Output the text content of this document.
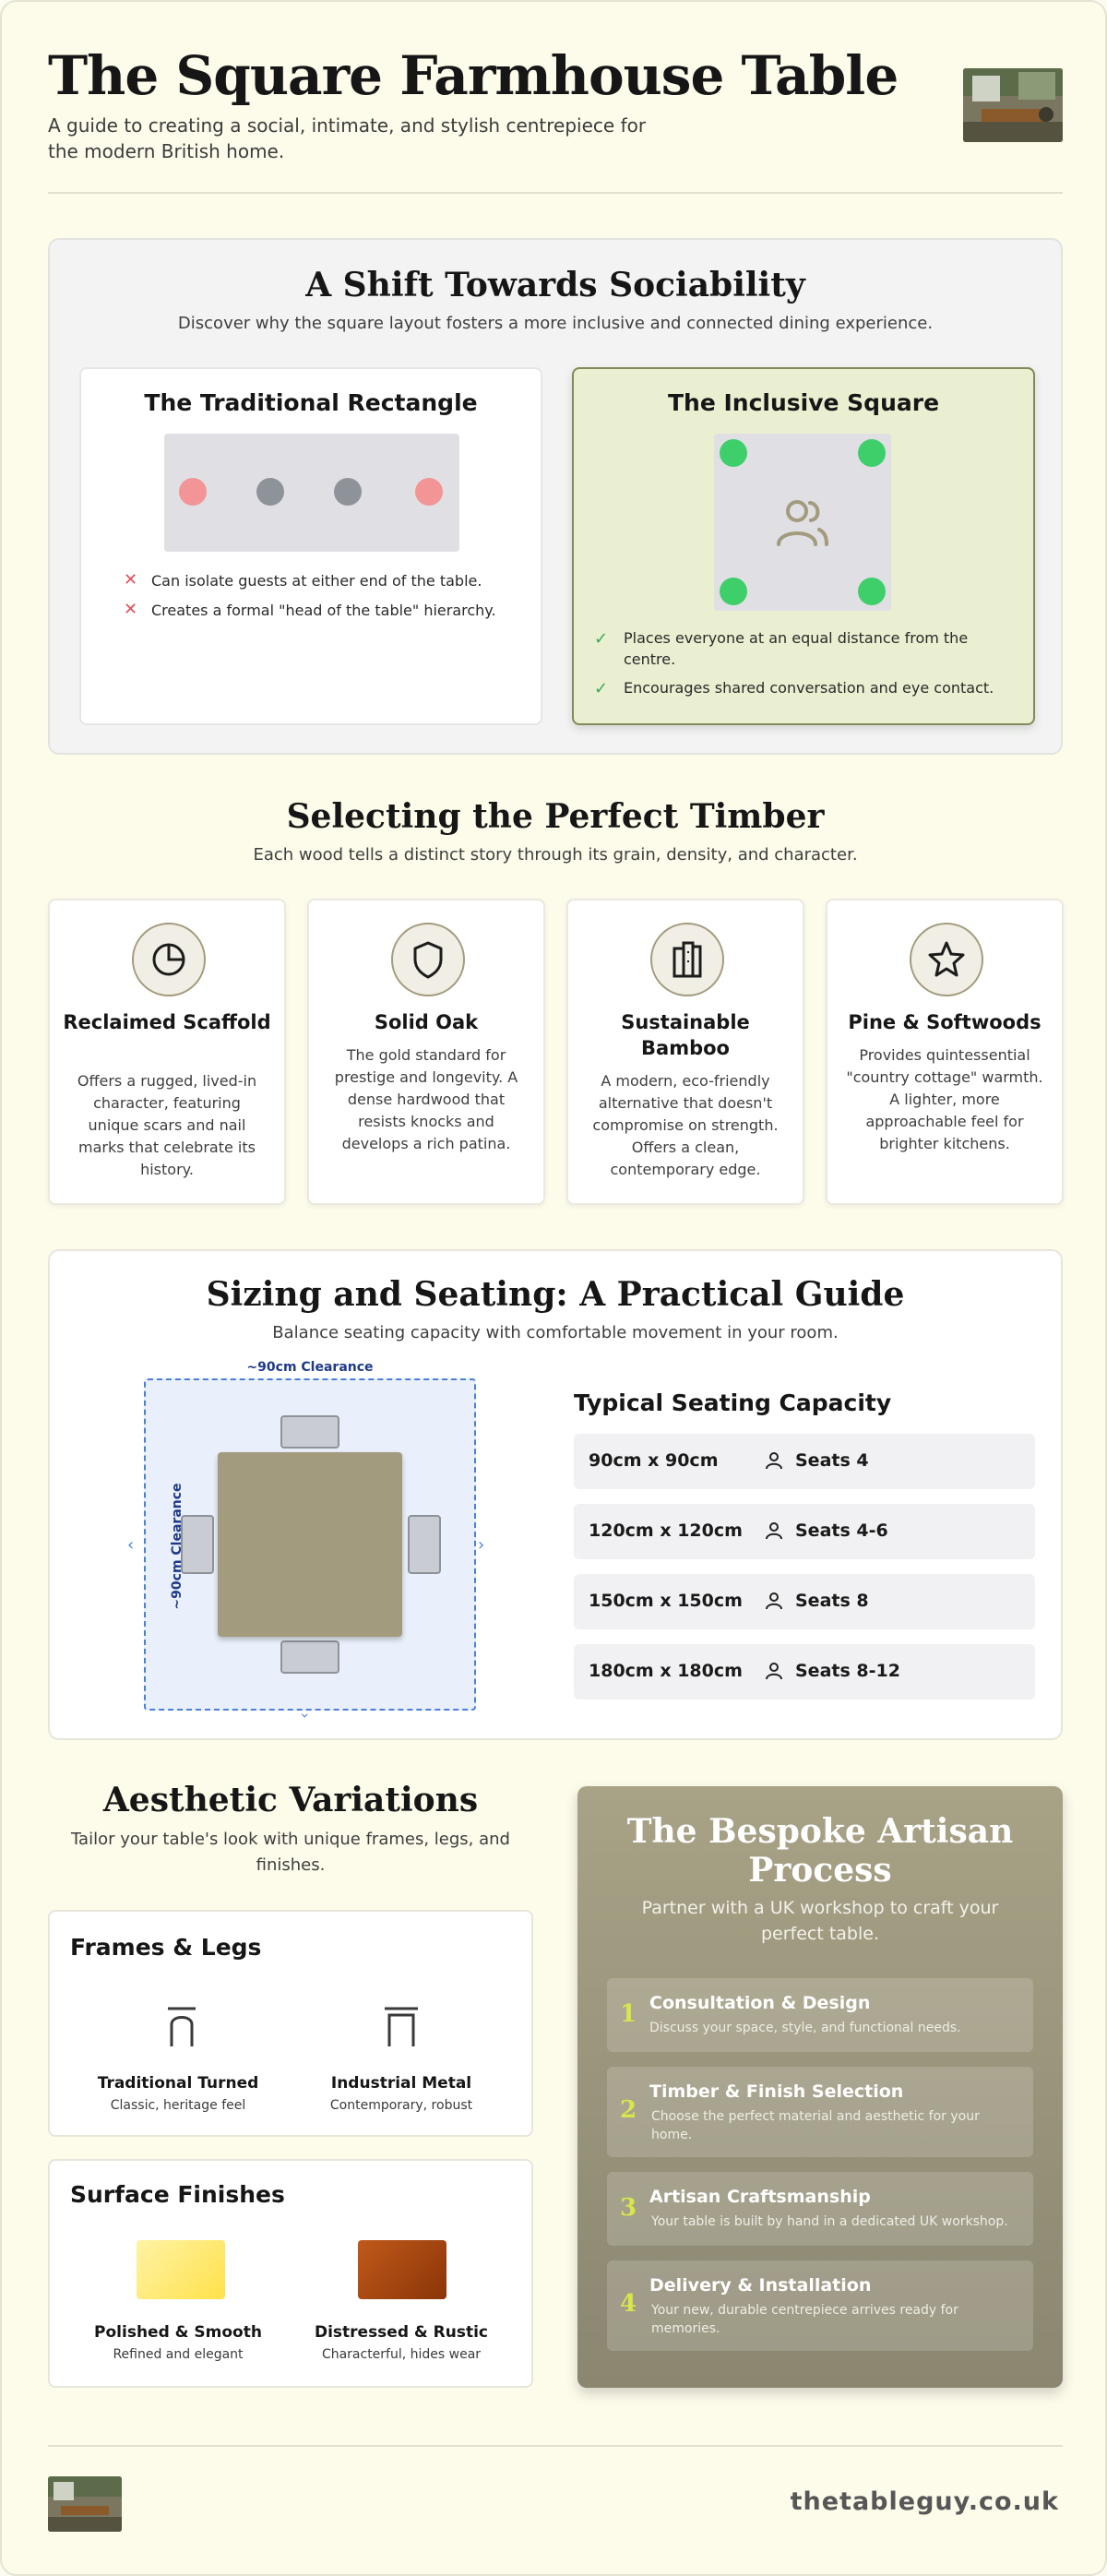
The Square Farmhouse Table

A guide to creating a social, intimate, and stylish centrepiece for the modern British home.

A Shift Towards Sociability
Discover why the square layout fosters a more inclusive and connected dining experience.
The Traditional Rectangle
✕ Can isolate guests at either end of the table.
✕ Creates a formal "head of the table" hierarchy.
The Inclusive Square
✓ Places everyone at an equal distance from the centre.
✓ Encourages shared conversation and eye contact.
Selecting the Perfect Timber
Each wood tells a distinct story through its grain, density, and character.
Reclaimed Scaffold
Offers a rugged, lived-in character, featuring unique scars and nail marks that celebrate its history.
Solid Oak
The gold standard for prestige and longevity. A dense hardwood that resists knocks and develops a rich patina.
Sustainable Bamboo
A modern, eco-friendly alternative that doesn't compromise on strength. Offers a clean, contemporary edge.
Pine & Softwoods
Provides quintessential "country cottage" warmth. A lighter, more approachable feel for brighter kitchens.
Sizing and Seating: A Practical Guide
Balance seating capacity with comfortable movement in your room.
~90cm Clearance
~90cm Clearance
‹	›
›
Typical Seating Capacity
90cm x 90cm	Seats 4
120cm x 120cm	Seats 4-6
150cm x 150cm	Seats 8
180cm x 180cm	Seats 8-12
Aesthetic Variations
Tailor your table's look with unique frames, legs, and finishes.
Frames & Legs
Traditional Turned
Classic, heritage feel
Industrial Metal
Contemporary, robust
Surface Finishes
Polished & Smooth
Refined and elegant
Distressed & Rustic
Characterful, hides wear
The Bespoke Artisan Process
Partner with a UK workshop to craft your perfect table.
1 Consultation & Design
Discuss your space, style, and functional needs.
2
Timber & Finish Selection
Choose the perfect material and aesthetic for your home.
3 Artisan Craftsmanship
Your table is built by hand in a dedicated UK workshop.
4
Delivery & Installation
Your new, durable centrepiece arrives ready for memories.
thetableguy.co.uk
